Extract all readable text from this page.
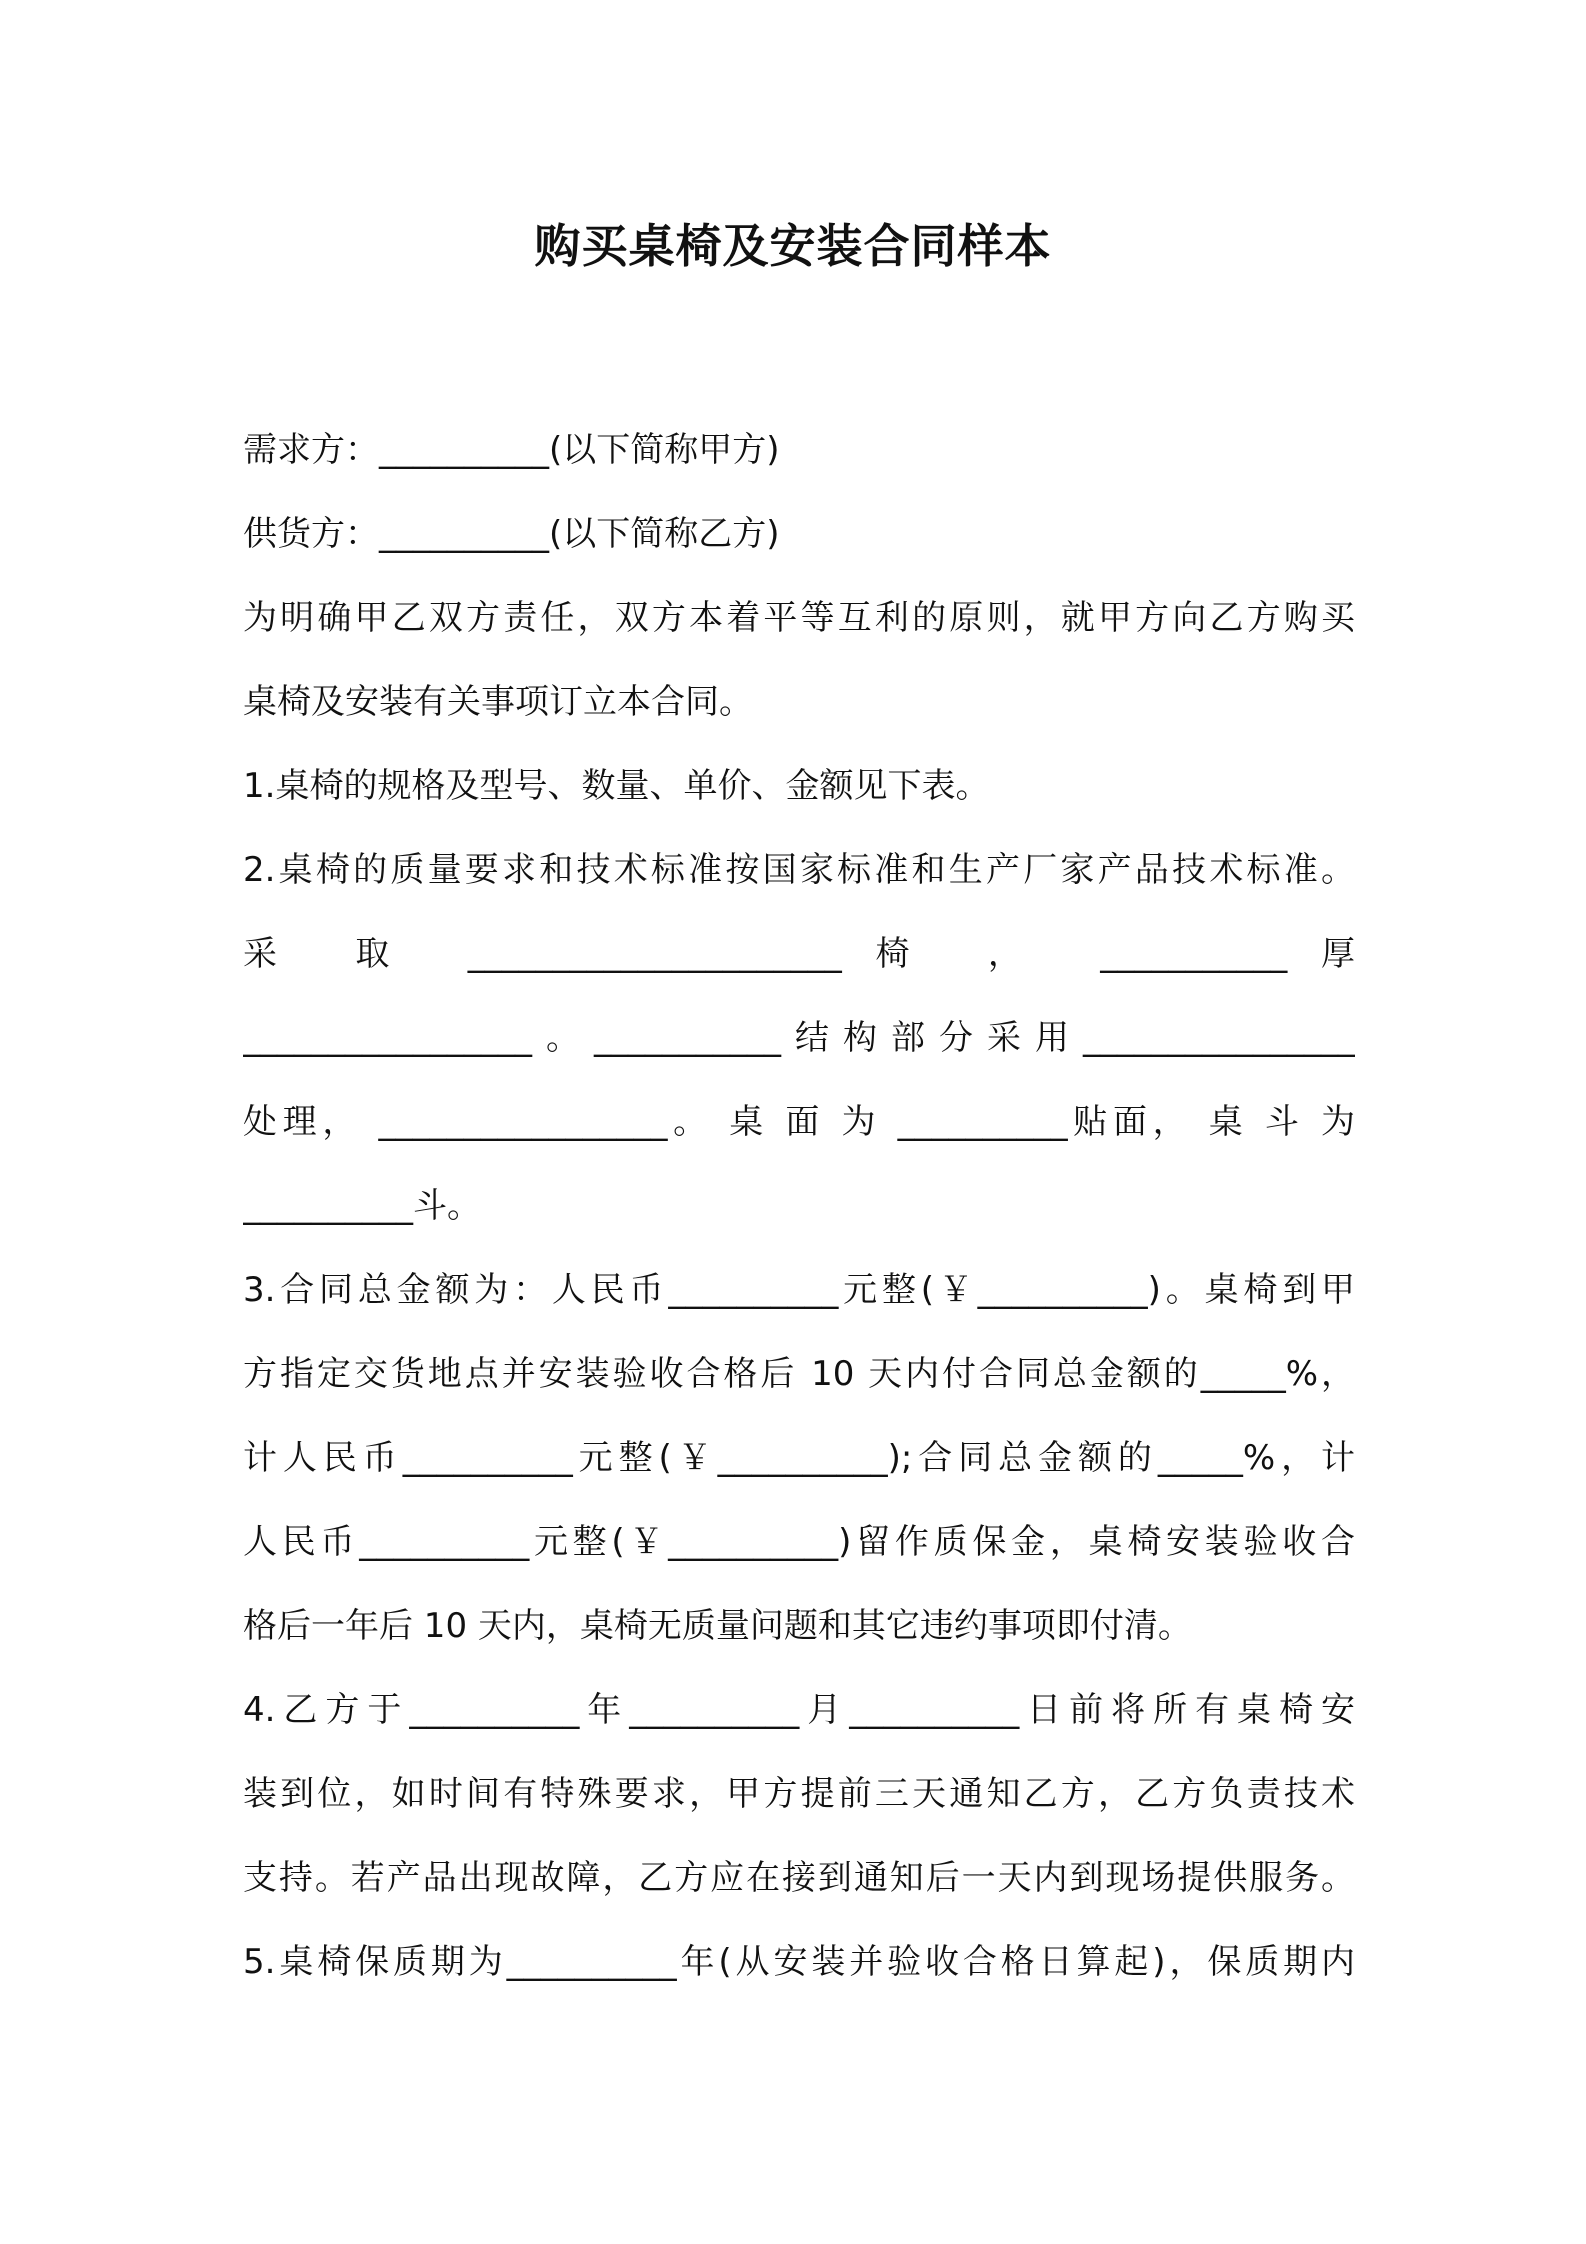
购买桌椅及安装合同样本
需求方：__________(以下简称甲方)
供货方：__________(以下简称乙方)
为明确甲乙双方责任，双方本着平等互利的原则，就甲方向乙方购买
桌椅及安装有关事项订立本合同。
1.桌椅的规格及型号、数量、单价、金额见下表。
2.桌椅的质量要求和技术标准按国家标准和生产厂家产品技术标准。
采 取 ______________________椅 ， ___________厚
_________________。___________结构部分采用________________
处理， _________________。 桌 面 为 __________贴面， 桌 斗 为
__________斗。
3.合同总金额为：人民币__________元整(￥__________)。桌椅到甲
方指定交货地点并安装验收合格后 10 天内付合同总金额的_____%，
计人民币__________元整(￥__________);合同总金额的_____%，计
人民币__________元整(￥__________)留作质保金，桌椅安装验收合
格后一年后 10 天内，桌椅无质量问题和其它违约事项即付清。
4.乙方于__________年__________月__________日前将所有桌椅安
装到位，如时间有特殊要求，甲方提前三天通知乙方，乙方负责技术
支持。若产品出现故障，乙方应在接到通知后一天内到现场提供服务。
5.桌椅保质期为__________年(从安装并验收合格日算起)，保质期内
